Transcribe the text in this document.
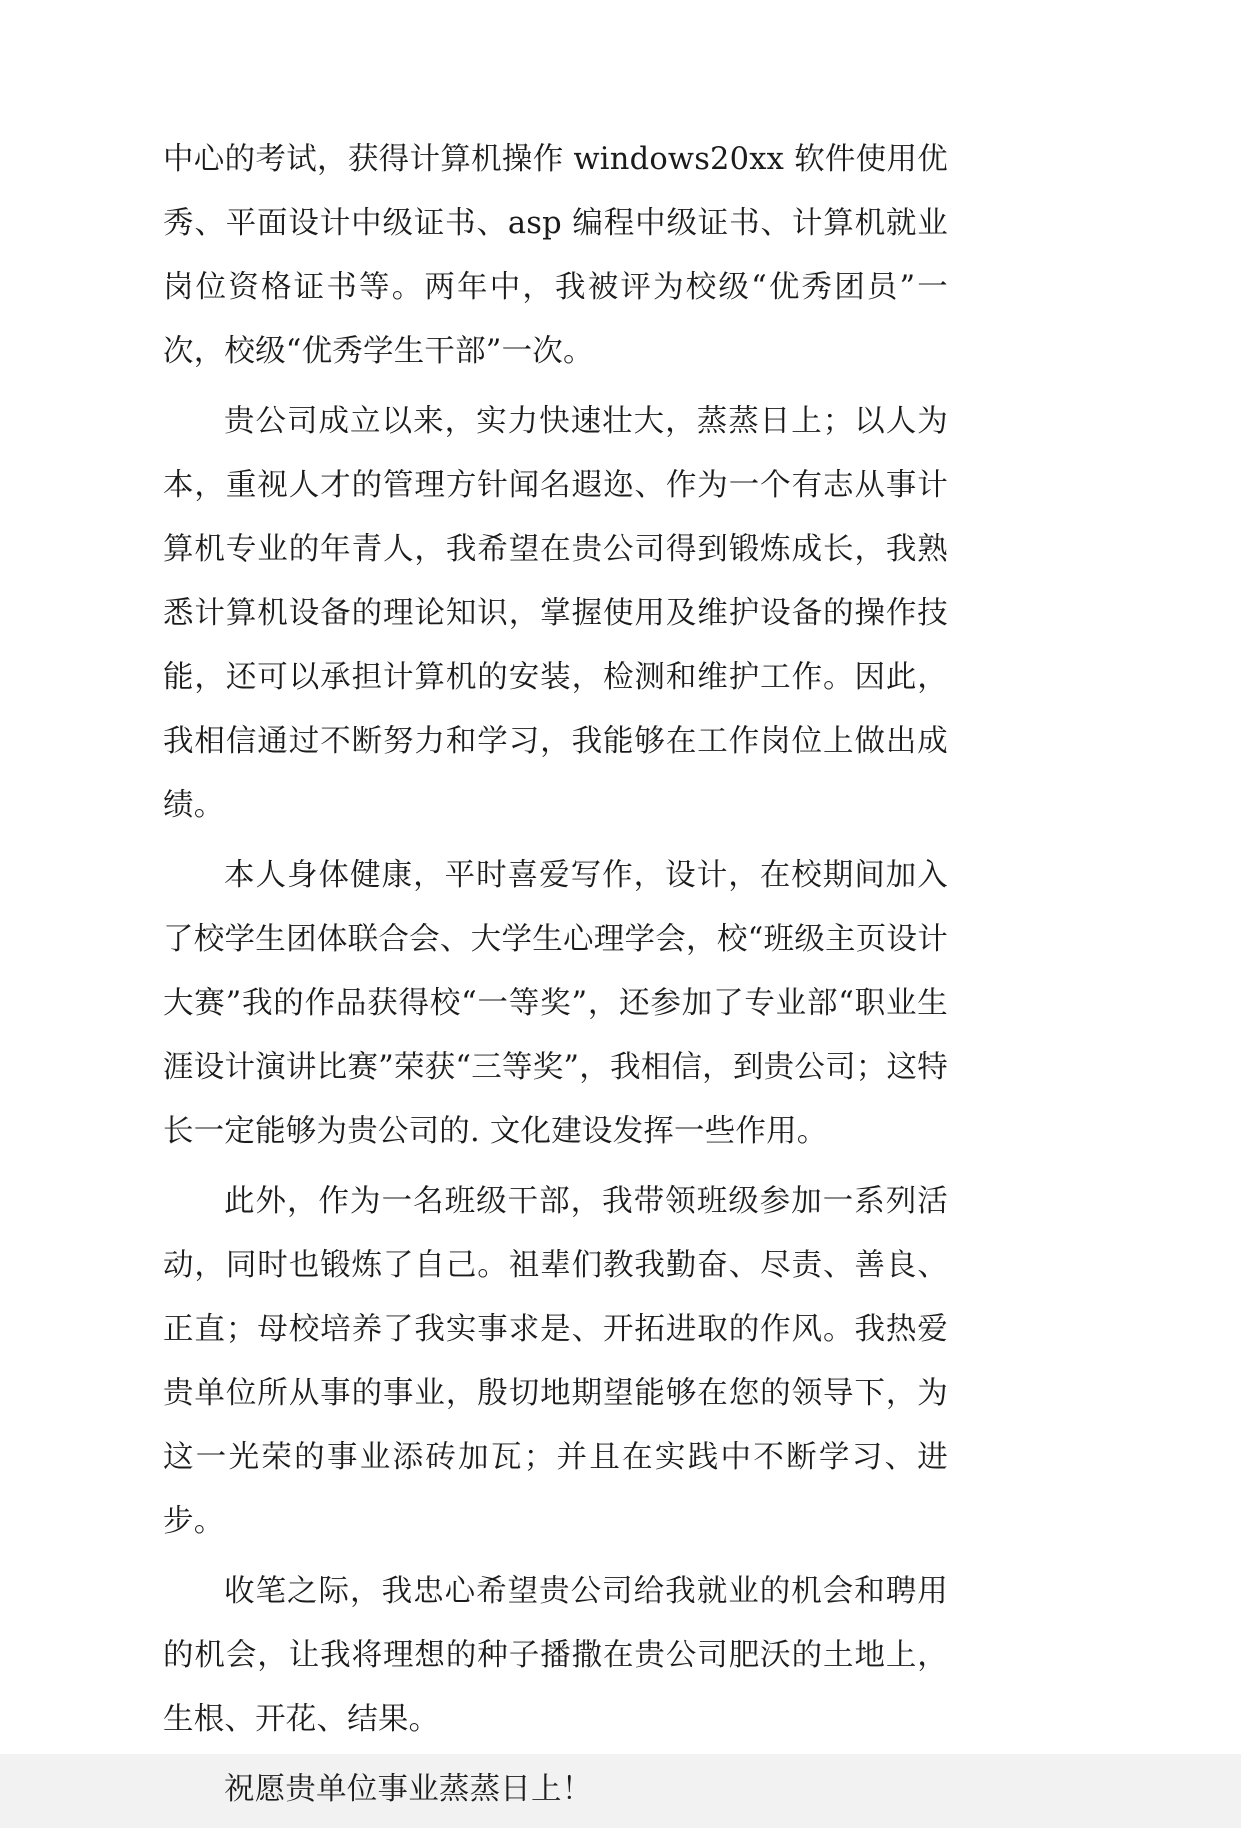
中心的考试，获得计算机操作 windows20xx 软件使用优秀、平面设计中级证书、asp 编程中级证书、计算机就业岗位资格证书等。两年中，我被评为校级“优秀团员”一次，校级“优秀学生干部”一次。

贵公司成立以来，实力快速壮大，蒸蒸日上；以人为本，重视人才的管理方针闻名遐迩、作为一个有志从事计算机专业的年青人，我希望在贵公司得到锻炼成长，我熟悉计算机设备的理论知识，掌握使用及维护设备的操作技能，还可以承担计算机的安装，检测和维护工作。因此，我相信通过不断努力和学习，我能够在工作岗位上做出成绩。

本人身体健康，平时喜爱写作，设计，在校期间加入了校学生团体联合会、大学生心理学会，校“班级主页设计大赛”我的作品获得校“一等奖”，还参加了专业部“职业生涯设计演讲比赛”荣获“三等奖”，我相信，到贵公司；这特长一定能够为贵公司的. 文化建设发挥一些作用。

此外，作为一名班级干部，我带领班级参加一系列活动，同时也锻炼了自己。祖辈们教我勤奋、尽责、善良、正直；母校培养了我实事求是、开拓进取的作风。我热爱贵单位所从事的事业，殷切地期望能够在您的领导下，为这一光荣的事业添砖加瓦；并且在实践中不断学习、进步。

收笔之际，我忠心希望贵公司给我就业的机会和聘用的机会，让我将理想的种子播撒在贵公司肥沃的土地上，生根、开花、结果。

祝愿贵单位事业蒸蒸日上！
